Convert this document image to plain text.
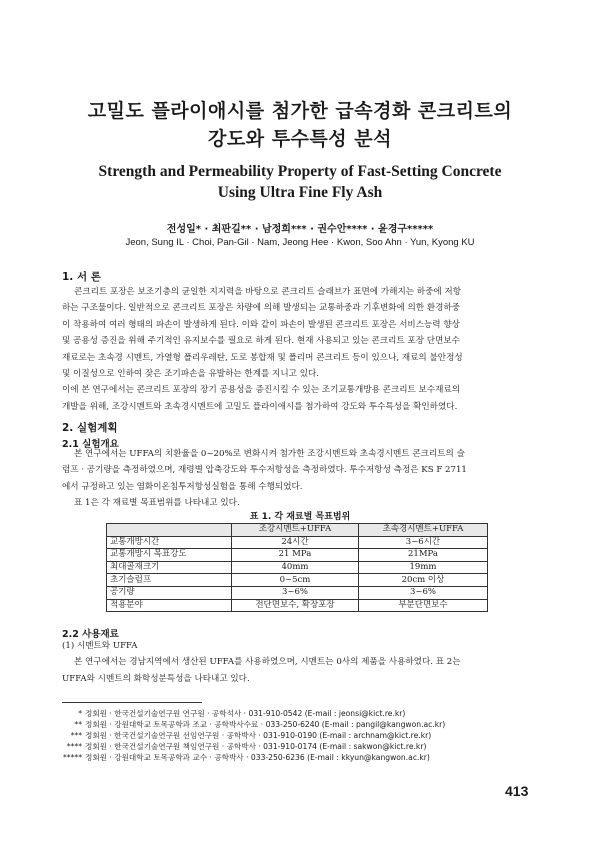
고밀도 플라이애시를 첨가한 급속경화 콘크리트의
강도와 투수특성 분석
Strength and Permeability Property of Fast-Setting Concrete
Using Ultra Fine Fly Ash
전성일* · 최판길** · 남정희*** · 권수안**** · 윤경구*****
Jeon, Sung IL · Choi, Pan-Gil · Nam, Jeong Hee · Kwon, Soo Ahn · Yun, Kyong KU
1. 서 론
콘크리트 포장은 보조기층의 균일한 지지력을 바탕으로 콘크리트 슬래브가 표면에 가해지는 하중에 저항
하는 구조물이다. 일반적으로 콘크리트 포장은 차량에 의해 발생되는 교통하중과 기후변화에 의한 환경하중
이 작용하여 여러 형태의 파손이 발생하게 된다. 이와 같이 파손이 발생된 콘크리트 포장은 서비스능력 향상
및 공용성 증진을 위해 주기적인 유지보수를 필요로 하게 된다. 현재 사용되고 있는 콘크리트 포장 단면보수
재료로는 초속경 시멘트, 가열형 폴리우레탄, 도로 봉합재 및 폴리머 콘크리트 등이 있으나, 재료의 불안정성
및 이질성으로 인하여 잦은 조기파손을 유발하는 한계를 지니고 있다.
이에 본 연구에서는 콘크리트 포장의 장기 공용성을 증진시킬 수 있는 조기교통개방용 콘크리트 보수재료의
개발을 위해, 조강시멘트와 초속경시멘트에 고밀도 플라이애시를 첨가하여 강도와 투수특성을 확인하였다.
2. 실험계획
2.1 실험개요
본 연구에서는 UFFA의 치환율을 0~20%로 변화시켜 첨가한 조강시멘트와 초속경시멘트 콘크리트의 슬
럼프 · 공기량을 측정하였으며, 재령별 압축강도와 투수저항성을 측정하였다. 투수저항성 측정은 KS F 2711
에서 규정하고 있는 염화이온침투저항성실험을 통해 수행되었다.
표 1은 각 재료별 목표범위를 나타내고 있다.
표 1. 각 재료별 목표범위
	조강시멘트+UFFA	초속경시멘트+UFFA
교통개방시간	24시간	3~6시간
교통개방시 목표강도	21 MPa	21MPa
최대골재크기	40mm	19mm
초기슬럼프	0~5cm	20cm 이상
공기량	3~6%	3~6%
적용분야	전단면보수, 확장포장	부분단면보수
2.2 사용재료
(1) 시멘트와 UFFA
본 연구에서는 경남지역에서 생산된 UFFA를 사용하였으며, 시멘트는 0사의 제품을 사용하였다. 표 2는
UFFA와 시멘트의 화학성분특성을 나타내고 있다.
* 정회원 · 한국건설기술연구원 연구원 · 공학석사 · 031-910-0542 (E-mail : jeonsi@kict.re.kr)
** 정회원 · 강원대학교 토목공학과 조교 · 공학박사수료 · 033-250-6240 (E-mail : pangil@kangwon.ac.kr)
*** 정회원 · 한국건설기술연구원 선임연구원 · 공학박사 · 031-910-0190 (E-mail : archnam@kict.re.kr)
**** 정회원 · 한국건설기술연구원 책임연구원 · 공학박사 · 031-910-0174 (E-mail : sakwon@kict.re.kr)
***** 정회원 · 강원대학교 토목공학과 교수 · 공학박사 · 033-250-6236 (E-mail : kkyun@kangwon.ac.kr)
413
